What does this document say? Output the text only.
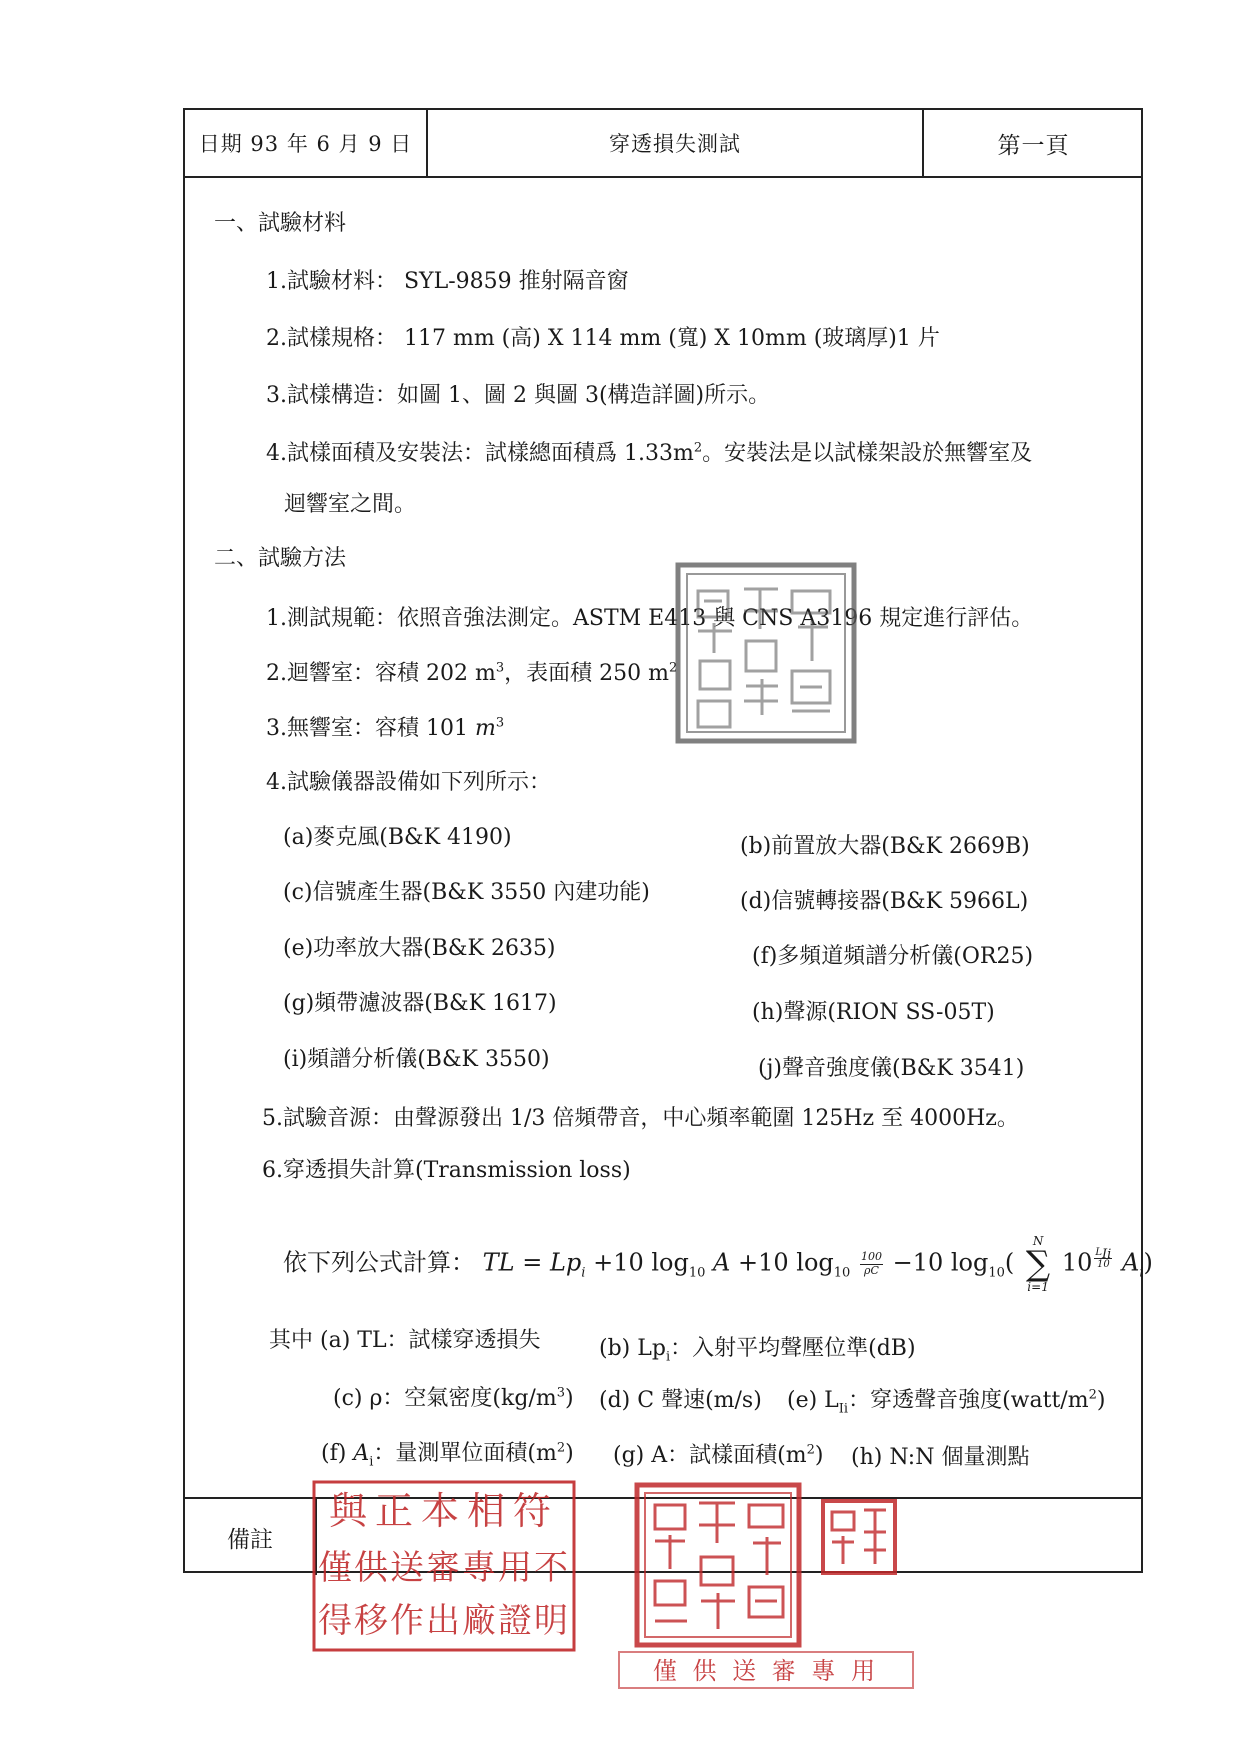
日期 93 年 6 月 9 日	穿透損失測試	第一頁
備註
一、試驗材料
1.試驗材料： SYL-9859 推射隔音窗
2.試樣規格： 117 mm (高) X 114 mm (寬) X 10mm (玻璃厚)1 片
3.試樣構造：如圖 1、圖 2 與圖 3(構造詳圖)所示。
4.試樣面積及安裝法：試樣總面積爲 $1.33m^2$。安裝法是以試樣架設於無響室及
迴響室之間。
二、試驗方法
1.測試規範：依照音強法測定。ASTM E413 與 CNS A3196 規定進行評估。
2.迴響室：容積 202 $m^3$，表面積 250 $m^2$
3.無響室：容積 101 $m^3$
4.試驗儀器設備如下列所示：
(a)麥克風(B&K 4190)	(b)前置放大器(B&K 2669B)
(c)信號產生器(B&K 3550 內建功能)	(d)信號轉接器(B&K 5966L)
(e)功率放大器(B&K 2635)	(f)多頻道頻譜分析儀(OR25)
(g)頻帶濾波器(B&K 1617)	(h)聲源(RION SS-05T)
(i)頻譜分析儀(B&K 3550)	(j)聲音強度儀(B&K 3541)
5.試驗音源：由聲源發出 1/3 倍頻帶音，中心頻率範圍 125Hz 至 4000Hz。
6.穿透損失計算(Transmission loss)
依下列公式計算： TL = $Lp_i +10$ $\log_{10} A +10$ $\log_{10} \frac{100}{\rho C} -10$ $\log_{10}$(
N
∑
i=1
10 $^{\frac{L_{Ii}}{10}}$ $A_i$)
其中 (a) TL：試樣穿透損失	(b) $Lp_i$：入射平均聲壓位準(dB)
(c) ρ：空氣密度$(kg/m^3)$ (d) C 聲速(m/s) (e) $L_{Ii}$：穿透聲音強度$(watt/m^2)$
(f) $A_i$：量測單位面積$(m^2)$ (g) A：試樣面積$(m^2)$ (h) N:N 個量測點
與正本相符
僅供送審專用不
得移作出廠證明
僅 供 送 審 專 用
